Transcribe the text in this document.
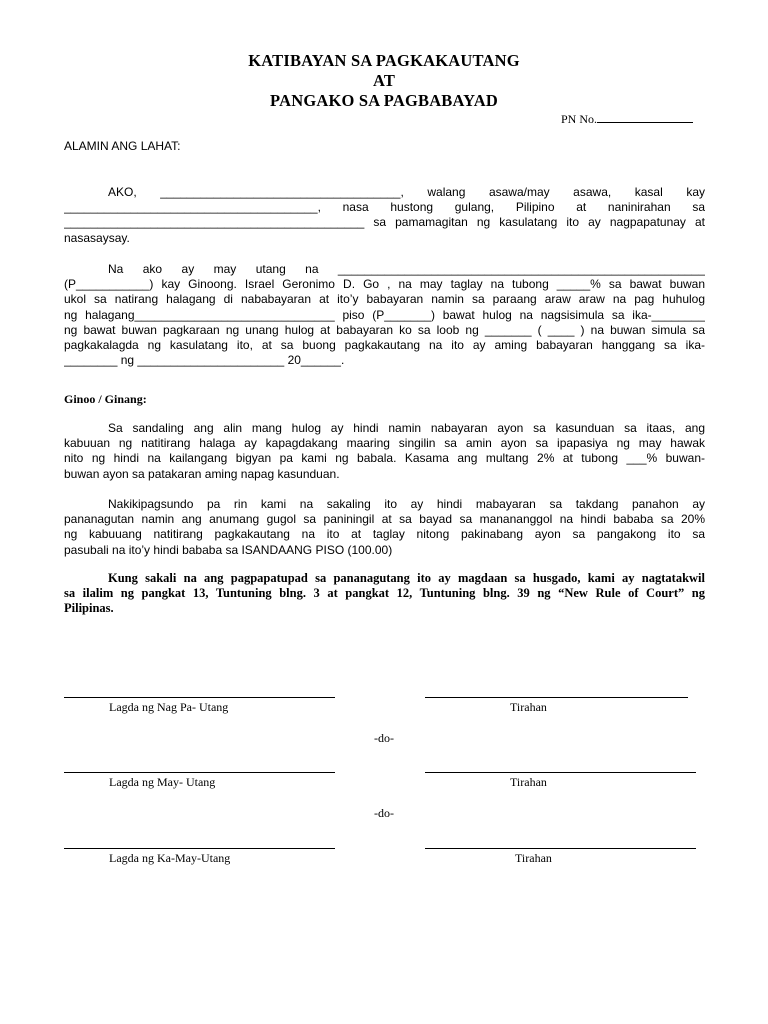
KATIBAYAN SA PAGKAKAUTANG
AT
PANGAKO SA PAGBABAYAD
PN No.
ALAMIN ANG LAHAT:
AKO, ____________________________________, walang asawa/may asawa, kasal kay
______________________________________, nasa hustong gulang, Pilipino at naninirahan sa
_____________________________________________ sa pamamagitan ng kasulatang ito ay nagpapatunay at
nasasaysay.
Na ako ay may utang na _______________________________________________________
(P___________) kay Ginoong. Israel Geronimo D. Go , na may taglay na tubong _____% sa bawat buwan
ukol sa natirang halagang di nababayaran at ito’y babayaran namin sa paraang araw araw na pag huhulog
ng halagang______________________________ piso (P_______) bawat hulog na nagsisimula sa ika-________
ng bawat buwan pagkaraan ng unang hulog at babayaran ko sa loob ng _______ ( ____ ) na buwan simula sa
pagkakalagda ng kasulatang ito, at sa buong pagkakautang na ito ay aming babayaran hanggang sa ika-
________ ng ______________________ 20______.
Ginoo / Ginang:
Sa sandaling ang alin mang hulog ay hindi namin nabayaran ayon sa kasunduan sa itaas, ang
kabuuan ng natitirang halaga ay kapagdakang maaring singilin sa amin ayon sa ipapasiya ng may hawak
nito ng hindi na kailangang bigyan pa kami ng babala. Kasama ang multang 2% at tubong ___% buwan-
buwan ayon sa patakaran aming napag kasunduan.
Nakikipagsundo pa rin kami na sakaling ito ay hindi mabayaran sa takdang panahon ay
pananagutan namin ang anumang gugol sa paniningil at sa bayad sa manananggol na hindi bababa sa 20%
ng kabuuang natitirang pagkakautang na ito at taglay nitong pakinabang ayon sa pangakong ito sa
pasubali na ito’y hindi bababa sa ISANDAANG PISO (100.00)
Kung sakali na ang pagpapatupad sa pananagutang ito ay magdaan sa husgado, kami ay nagtatakwil
sa ilalim ng pangkat 13, Tuntuning blng. 3 at pangkat 12, Tuntuning blng. 39 ng “New Rule of Court” ng
Pilipinas.
Lagda ng Nag Pa- Utang	Tirahan
-do-
Lagda ng May- Utang	Tirahan
-do-
Lagda ng Ka-May-Utang	Tirahan
